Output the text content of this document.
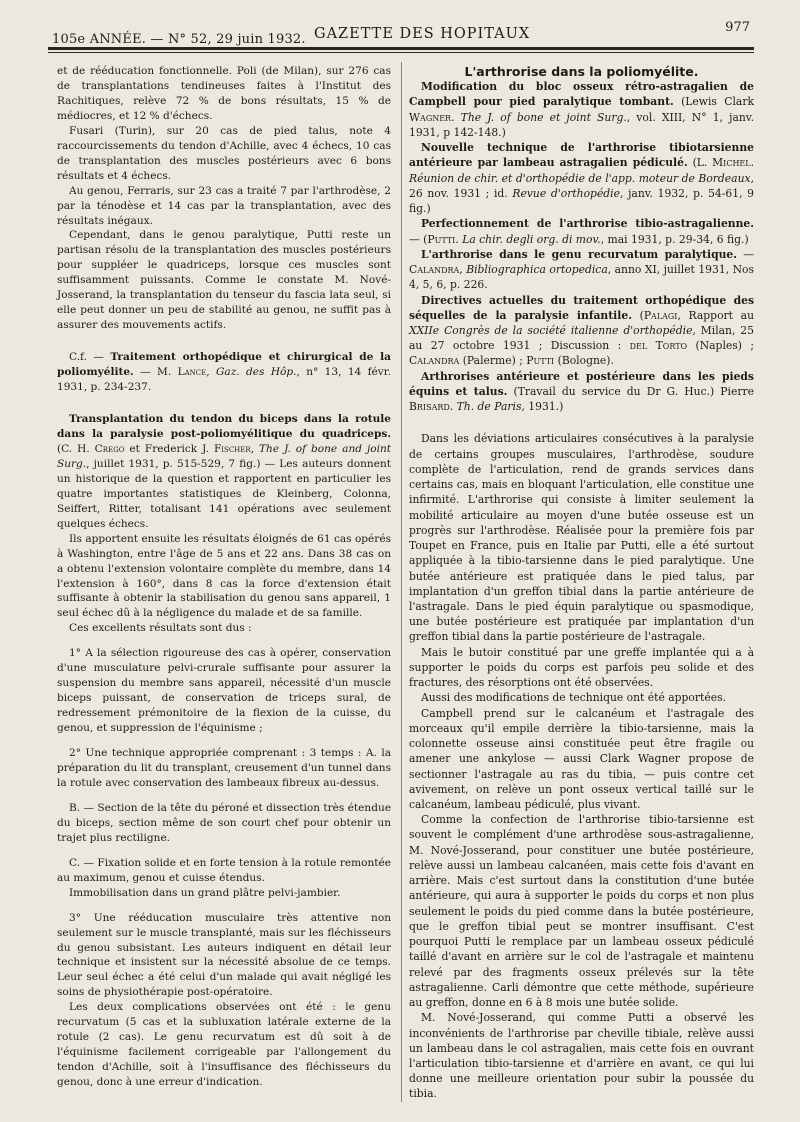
105e ANNÉE. — N° 52, 29 juin 1932. GAZETTE DES HOPITAUX	977

et de rééducation fonctionnelle. Poli (de Milan), sur 276 cas de transplantations tendineuses faites à l'Institut des Rachitiques, relève 72 % de bons résultats, 15 % de médiocres, et 12 % d'échecs.

Fusari (Turin), sur 20 cas de pied talus, note 4 raccourcissements du tendon d'Achille, avec 4 échecs, 10 cas de transplantation des muscles postérieurs avec 6 bons résultats et 4 échecs.

Au genou, Ferraris, sur 23 cas a traité 7 par l'arthrodèse, 2 par la ténodèse et 14 cas par la transplantation, avec des résultats inégaux.

Cependant, dans le genou paralytique, Putti reste un partisan résolu de la transplantation des muscles postérieurs pour suppléer le quadriceps, lorsque ces muscles sont suffisamment puissants. Comme le constate M. Nové-Josserand, la transplantation du tenseur du fascia lata seul, si elle peut donner un peu de stabilité au genou, ne suffit pas à assurer des mouvements actifs.

C.f. — Traitement orthopédique et chirurgical de la poliomyélite. — M. Lance, Gaz. des Hôp., n° 13, 14 févr. 1931, p. 234-237.

Transplantation du tendon du biceps dans la rotule dans la paralysie post-poliomyélitique du quadriceps. (C. H. Crego et Frederick J. Fischer, The J. of bone and joint Surg., juillet 1931, p. 515-529, 7 fig.) — Les auteurs donnent un historique de la question et rapportent en particulier les quatre importantes statistiques de Kleinberg, Colonna, Seiffert, Ritter, totalisant 141 opérations avec seulement quelques échecs.

Ils apportent ensuite les résultats éloignés de 61 cas opérés à Washington, entre l'âge de 5 ans et 22 ans. Dans 38 cas on a obtenu l'extension volontaire complète du membre, dans 14 l'extension à 160°, dans 8 cas la force d'extension était suffisante à obtenir la stabilisation du genou sans appareil, 1 seul échec dû à la négligence du malade et de sa famille.

Ces excellents résultats sont dus :

1° A la sélection rigoureuse des cas à opérer, conservation d'une musculature pelvi-crurale suffisante pour assurer la suspension du membre sans appareil, nécessité d'un muscle biceps puissant, de conservation de triceps sural, de redressement prémonitoire de la flexion de la cuisse, du genou, et suppression de l'équinisme ;

2° Une technique appropriée comprenant : 3 temps : A. la préparation du lit du transplant, creusement d'un tunnel dans la rotule avec conservation des lambeaux fibreux au-dessus.

B. — Section de la tête du péroné et dissection très étendue du biceps, section même de son court chef pour obtenir un trajet plus rectiligne.

C. — Fixation solide et en forte tension à la rotule remontée au maximum, genou et cuisse étendus.

Immobilisation dans un grand plâtre pelvi-jambier.

3° Une rééducation musculaire très attentive non seulement sur le muscle transplanté, mais sur les fléchisseurs du genou subsistant. Les auteurs indiquent en détail leur technique et insistent sur la nécessité absolue de ce temps. Leur seul échec a été celui d'un malade qui avait négligé les soins de physiothérapie post-opératoire.

Les deux complications observées ont été : le genu recurvatum (5 cas et la subluxation latérale externe de la rotule (2 cas). Le genu recurvatum est dû soit à de l'équinisme facilement corrigeable par l'allongement du tendon d'Achille, soit à l'insuffisance des fléchisseurs du genou, donc à une erreur d'indication.

L'arthrorise dans la poliomyélite.

Modification du bloc osseux rétro-astragalien de Campbell pour pied paralytique tombant. (Lewis Clark Wagner. The J. of bone et joint Surg., vol. XIII, N° 1, janv. 1931, p 142-148.)

Nouvelle technique de l'arthrorise tibiotarsienne antérieure par lambeau astragalien pédiculé. (L. Michel. Réunion de chir. et d'orthopédie de l'app. moteur de Bordeaux, 26 nov. 1931 ; id. Revue d'orthopédie, janv. 1932, p. 54-61, 9 fig.)

Perfectionnement de l'arthrorise tibio-astragalienne. — (Putti. La chir. degli org. di mov., mai 1931, p. 29-34, 6 fig.)

L'arthrorise dans le genu recurvatum paralytique. — Calandra, Bibliographica ortopedica, anno XI, juillet 1931, Nos 4, 5, 6, p. 226.

Directives actuelles du traitement orthopédique des séquelles de la paralysie infantile. (Palagi, Rapport au XXIIe Congrès de la société italienne d'orthopédie, Milan, 25 au 27 octobre 1931 ; Discussion : del Torto (Naples) ; Calandra (Palerme) ; Putti (Bologne).

Arthrorises antérieure et postérieure dans les pieds équins et talus. (Travail du service du Dr G. Huc.) Pierre Brisard. Th. de Paris, 1931.)

Dans les déviations articulaires consécutives à la paralysie de certains groupes musculaires, l'arthrodèse, soudure complète de l'articulation, rend de grands services dans certains cas, mais en bloquant l'articulation, elle constitue une infirmité. L'arthrorise qui consiste à limiter seulement la mobilité articulaire au moyen d'une butée osseuse est un progrès sur l'arthrodèse. Réalisée pour la première fois par Toupet en France, puis en Italie par Putti, elle a été surtout appliquée à la tibio-tarsienne dans le pied paralytique. Une butée antérieure est pratiquée dans le pied talus, par implantation d'un greffon tibial dans la partie antérieure de l'astragale. Dans le pied équin paralytique ou spasmodique, une butée postérieure est pratiquée par implantation d'un greffon tibial dans la partie postérieure de l'astragale.

Mais le butoir constitué par une greffe implantée qui a à supporter le poids du corps est parfois peu solide et des fractures, des résorptions ont été observées.

Aussi des modifications de technique ont été apportées.

Campbell prend sur le calcanéum et l'astragale des morceaux qu'il empile derrière la tibio-tarsienne, mais la colonnette osseuse ainsi constituée peut être fragile ou amener une ankylose — aussi Clark Wagner propose de sectionner l'astragale au ras du tibia, — puis contre cet avivement, on relève un pont osseux vertical taillé sur le calcanéum, lambeau pédiculé, plus vivant.

Comme la confection de l'arthrorise tibio-tarsienne est souvent le complément d'une arthrodèse sous-astragalienne, M. Nové-Josserand, pour constituer une butée postérieure, relève aussi un lambeau calcanéen, mais cette fois d'avant en arrière. Mais c'est surtout dans la constitution d'une butée antérieure, qui aura à supporter le poids du corps et non plus seulement le poids du pied comme dans la butée postérieure, que le greffon tibial peut se montrer insuffisant. C'est pourquoi Putti le remplace par un lambeau osseux pédiculé taillé d'avant en arrière sur le col de l'astragale et maintenu relevé par des fragments osseux prélevés sur la tête astragalienne. Carli démontre que cette méthode, supérieure au greffon, donne en 6 à 8 mois une butée solide.

M. Nové-Josserand, qui comme Putti a observé les inconvénients de l'arthrorise par cheville tibiale, relève aussi un lambeau dans le col astragalien, mais cette fois en ouvrant l'articulation tibio-tarsienne et d'arrière en avant, ce qui lui donne une meilleure orientation pour subir la poussée du tibia.
